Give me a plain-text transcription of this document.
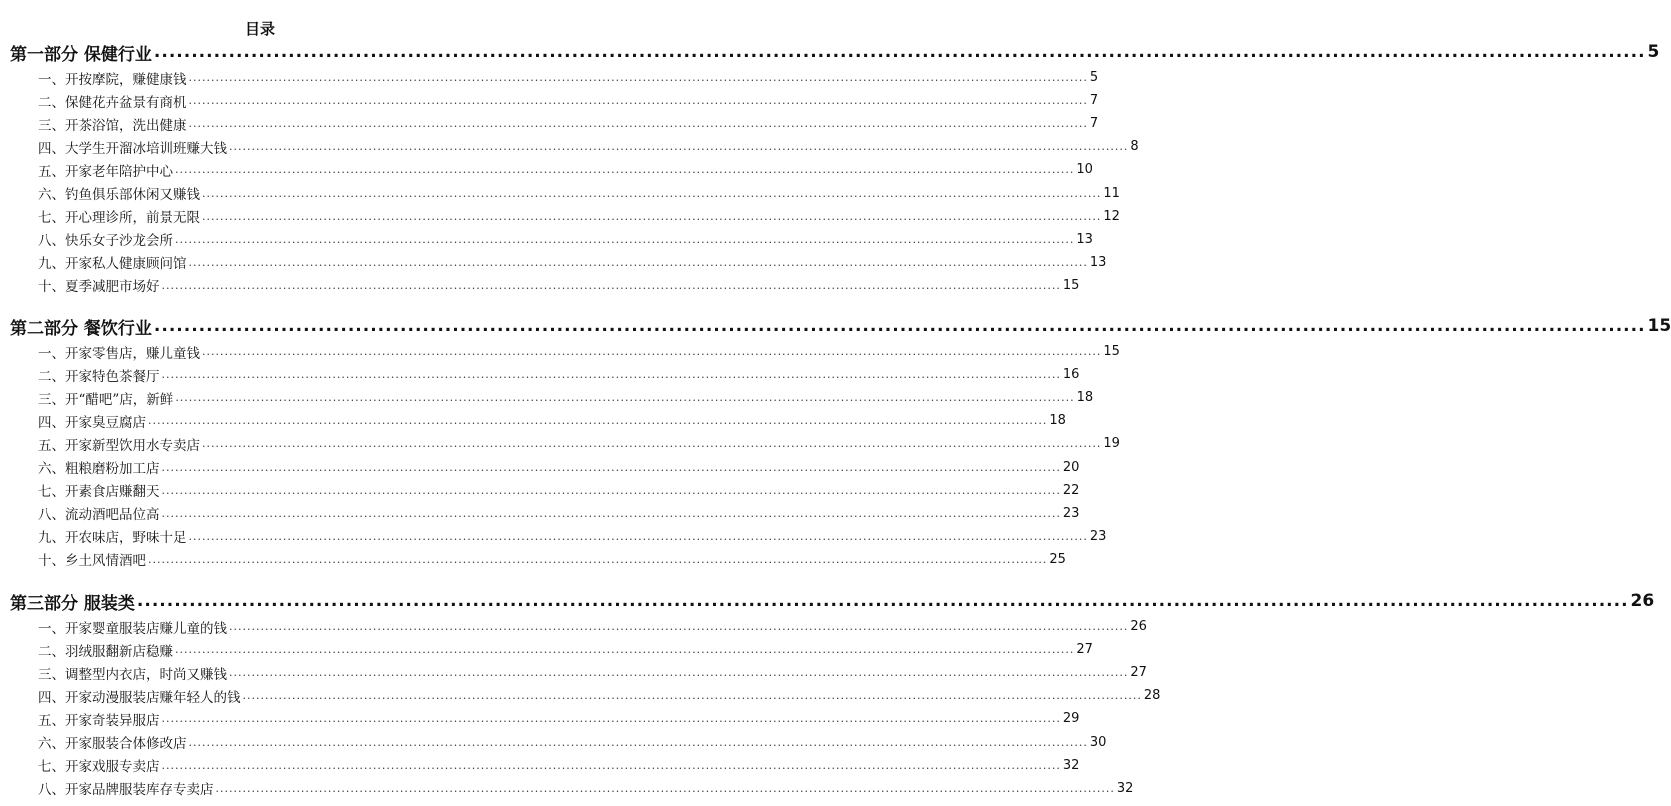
目录
第一部分 保健行业 ........................................................................................................................................................................................................ 5
一、开按摩院，赚健康钱 ........................................................................................................................................................................................................ 5
二、保健花卉盆景有商机 ........................................................................................................................................................................................................ 7
三、开茶浴馆，洗出健康 ........................................................................................................................................................................................................ 7
四、大学生开溜冰培训班赚大钱 ........................................................................................................................................................................................................ 8
五、开家老年陪护中心 ........................................................................................................................................................................................................ 10
六、钓鱼俱乐部休闲又赚钱 ........................................................................................................................................................................................................ 11
七、开心理诊所，前景无限 ........................................................................................................................................................................................................ 12
八、快乐女子沙龙会所 ........................................................................................................................................................................................................ 13
九、开家私人健康顾问馆 ........................................................................................................................................................................................................ 13
十、夏季减肥市场好 ........................................................................................................................................................................................................ 15
第二部分 餐饮行业 ........................................................................................................................................................................................................ 15
一、开家零售店，赚儿童钱 ........................................................................................................................................................................................................ 15
二、开家特色茶餐厅 ........................................................................................................................................................................................................ 16
三、开“醋吧”店，新鲜 ........................................................................................................................................................................................................ 18
四、开家臭豆腐店 ........................................................................................................................................................................................................ 18
五、开家新型饮用水专卖店 ........................................................................................................................................................................................................ 19
六、粗粮磨粉加工店 ........................................................................................................................................................................................................ 20
七、开素食店赚翻天 ........................................................................................................................................................................................................ 22
八、流动酒吧品位高 ........................................................................................................................................................................................................ 23
九、开农味店，野味十足 ........................................................................................................................................................................................................ 23
十、乡土风情酒吧 ........................................................................................................................................................................................................ 25
第三部分 服装类 ........................................................................................................................................................................................................ 26
一、开家婴童服装店赚儿童的钱 ........................................................................................................................................................................................................ 26
二、羽绒服翻新店稳赚 ........................................................................................................................................................................................................ 27
三、调整型内衣店，时尚又赚钱 ........................................................................................................................................................................................................ 27
四、开家动漫服装店赚年轻人的钱 ........................................................................................................................................................................................................ 28
五、开家奇装异服店 ........................................................................................................................................................................................................ 29
六、开家服装合体修改店 ........................................................................................................................................................................................................ 30
七、开家戏服专卖店 ........................................................................................................................................................................................................ 32
八、开家品牌服装库存专卖店 ........................................................................................................................................................................................................ 32
